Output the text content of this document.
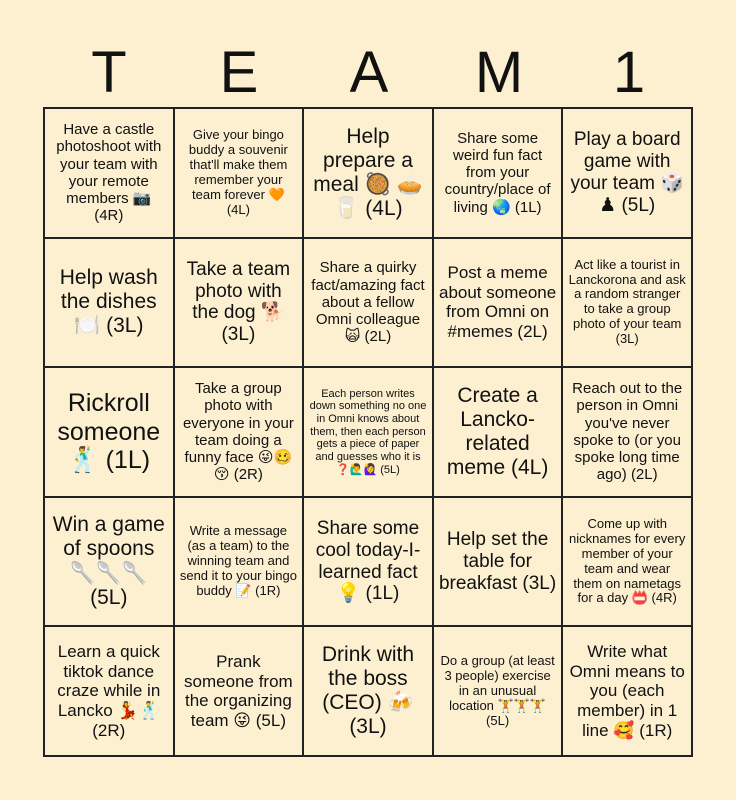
T	E	A	M	1
Have a castle photoshoot with your team with your remote members 📷 (4R)
Give your bingo buddy a souvenir that'll make them remember your team forever 🧡 (4L)
Help prepare a meal 🥘 🥧🥛 (4L)
Share some weird fun fact from your country/place of living 🌏 (1L)
Play a board game with your team 🎲♟ (5L)
Help wash the dishes 🍽️ (3L)
Take a team photo with the dog 🐕 (3L)
Share a quirky fact/amazing fact about a fellow Omni colleague 🙀 (2L)
Post a meme about someone from Omni on #memes (2L)
Act like a tourist in Lanckorona and ask a random stranger to take a group photo of your team (3L)
Rickroll someone 🕺 (1L)
Take a group photo with everyone in your team doing a funny face 😜🥴😚 (2R)
Each person writes down something no one in Omni knows about them, then each person gets a piece of paper and guesses who it is ❓🙋‍♂️🙋‍♀️ (5L)
Create a Lancko-related meme (4L)
Reach out to the person in Omni you've never spoke to (or you spoke long time ago) (2L)
Win a game of spoons 🥄🥄🥄 (5L)
Write a message (as a team) to the winning team and send it to your bingo buddy 📝 (1R)
Share some cool today-I-learned fact 💡 (1L)
Help set the table for breakfast (3L)
Come up with nicknames for every member of your team and wear them on nametags for a day 📛 (4R)
Learn a quick tiktok dance craze while in Lancko 💃🕺 (2R)
Prank someone from the organizing team 😜 (5L)
Drink with the boss (CEO) 🍻 (3L)
Do a group (at least 3 people) exercise in an unusual location 🏋️🏋️🏋️ (5L)
Write what Omni means to you (each member) in 1 line 🥰 (1R)
